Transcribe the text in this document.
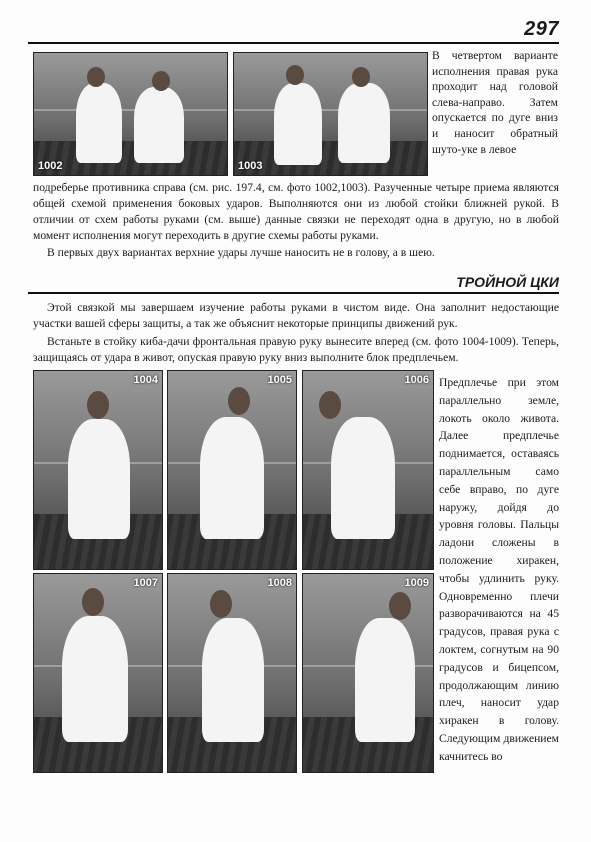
297
1002	1003
В четвертом варианте исполнения правая рука проходит над головой слева-направо. Затем опускается по дуге вниз и наносит обратный шуто-уке в левое
подреберье противника справа (см. рис. 197.4, см. фото 1002,1003). Разученные четыре приема являются общей схемой применения боковых ударов. Выполняются они из любой стойки ближней рукой. В отличии от схем работы руками (см. выше) данные связки не переходят одна в другую, но в любой момент исполнения могут переходить в другие схемы работы руками.
В первых двух вариантах верхние удары лучше наносить не в голову, а в шею.
ТРОЙНОЙ ЦКИ
Этой связкой мы завершаем изучение работы руками в чистом виде. Она заполнит недостающие участки вашей сферы защиты, а так же объяснит некоторые принципы движений рук.
Встаньте в стойку киба-дачи фронтальная правую руку вынесите вперед (см. фото 1004-1009). Теперь, защищаясь от удара в живот, опуская правую руку вниз выполните блок предплечьем.
1004	1005	1006
1007	1008	1009
Предплечье при этом параллельно земле, локоть около живота. Далее предплечье поднимается, оставаясь параллельным само себе вправо, по дуге наружу, дойдя до уровня головы. Пальцы ладони сложены в положение хиракен, чтобы удлинить руку. Одновременно плечи разворачиваются на 45 градусов, правая рука с локтем, согнутым на 90 градусов и бицепсом, продолжающим линию плеч, наносит удар хиракен в голову. Следующим движением качнитесь во
